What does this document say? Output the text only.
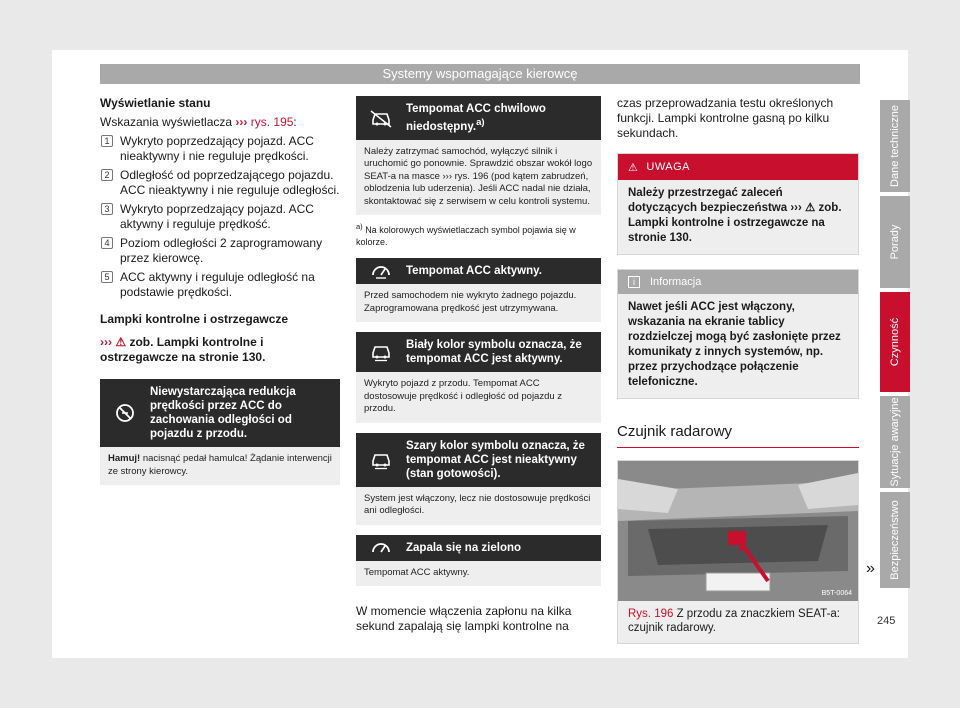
Systemy wspomagające kierowcę
Wyświetlanie stanu
Wskazania wyświetlacza ››› rys. 195:
1 Wykryto poprzedzający pojazd. ACC nieaktywny i nie reguluje prędkości.
2 Odległość od poprzedzającego pojazdu. ACC nieaktywny i nie reguluje odległości.
3 Wykryto poprzedzający pojazd. ACC aktywny i reguluje prędkość.
4 Poziom odległości 2 zaprogramowany przez kierowcę.
5 ACC aktywny i reguluje odległość na podstawie prędkości.
Lampki kontrolne i ostrzegawcze
››› ⚠ zob. Lampki kontrolne i ostrzegawcze na stronie 130.
Niewystarczająca redukcja prędkości przez ACC do zachowania odległości od pojazdu z przodu.
Hamuj! nacisnąć pedał hamulca! Żądanie interwencji ze strony kierowcy.
Tempomat ACC chwilowo niedostępny.$^{a)}$
Należy zatrzymać samochód, wyłączyć silnik i uruchomić go ponownie. Sprawdzić obszar wokół logo SEAT-a na masce ››› rys. 196 (pod kątem zabrudzeń, oblodzenia lub uderzenia). Jeśli ACC nadal nie działa, skontaktować się z serwisem w celu kontroli systemu.
$^{a)}$ Na kolorowych wyświetlaczach symbol pojawia się w kolorze.
Tempomat ACC aktywny.
Przed samochodem nie wykryto żadnego pojazdu. Zaprogramowana prędkość jest utrzymywana.
Biały kolor symbolu oznacza, że tempomat ACC jest aktywny.
Wykryto pojazd z przodu. Tempomat ACC dostosowuje prędkość i odległość od pojazdu z przodu.
Szary kolor symbolu oznacza, że tempomat ACC jest nieaktywny (stan gotowości).
System jest włączony, lecz nie dostosowuje prędkości ani odległości.
Zapala się na zielono
Tempomat ACC aktywny.
W momencie włączenia zapłonu na kilka sekund zapalają się lampki kontrolne na
czas przeprowadzania testu określonych funkcji. Lampki kontrolne gasną po kilku sekundach.
⚠ UWAGA
Należy przestrzegać zaleceń dotyczących bezpieczeństwa ››› ⚠ zob. Lampki kontrolne i ostrzegawcze na stronie 130.
i	Informacja
Nawet jeśli ACC jest włączony, wskazania na ekranie tablicy rozdzielczej mogą być zasłonięte przez komunikaty z innych systemów, np. przez przychodzące połączenie telefoniczne.
Czujnik radarowy
B5T-0064
Rys. 196 Z przodu za znaczkiem SEAT-a: czujnik radarowy.
»
Dane techniczne
Porady
Czynność
Sytuacje awaryjne
Bezpieczeństwo
245
